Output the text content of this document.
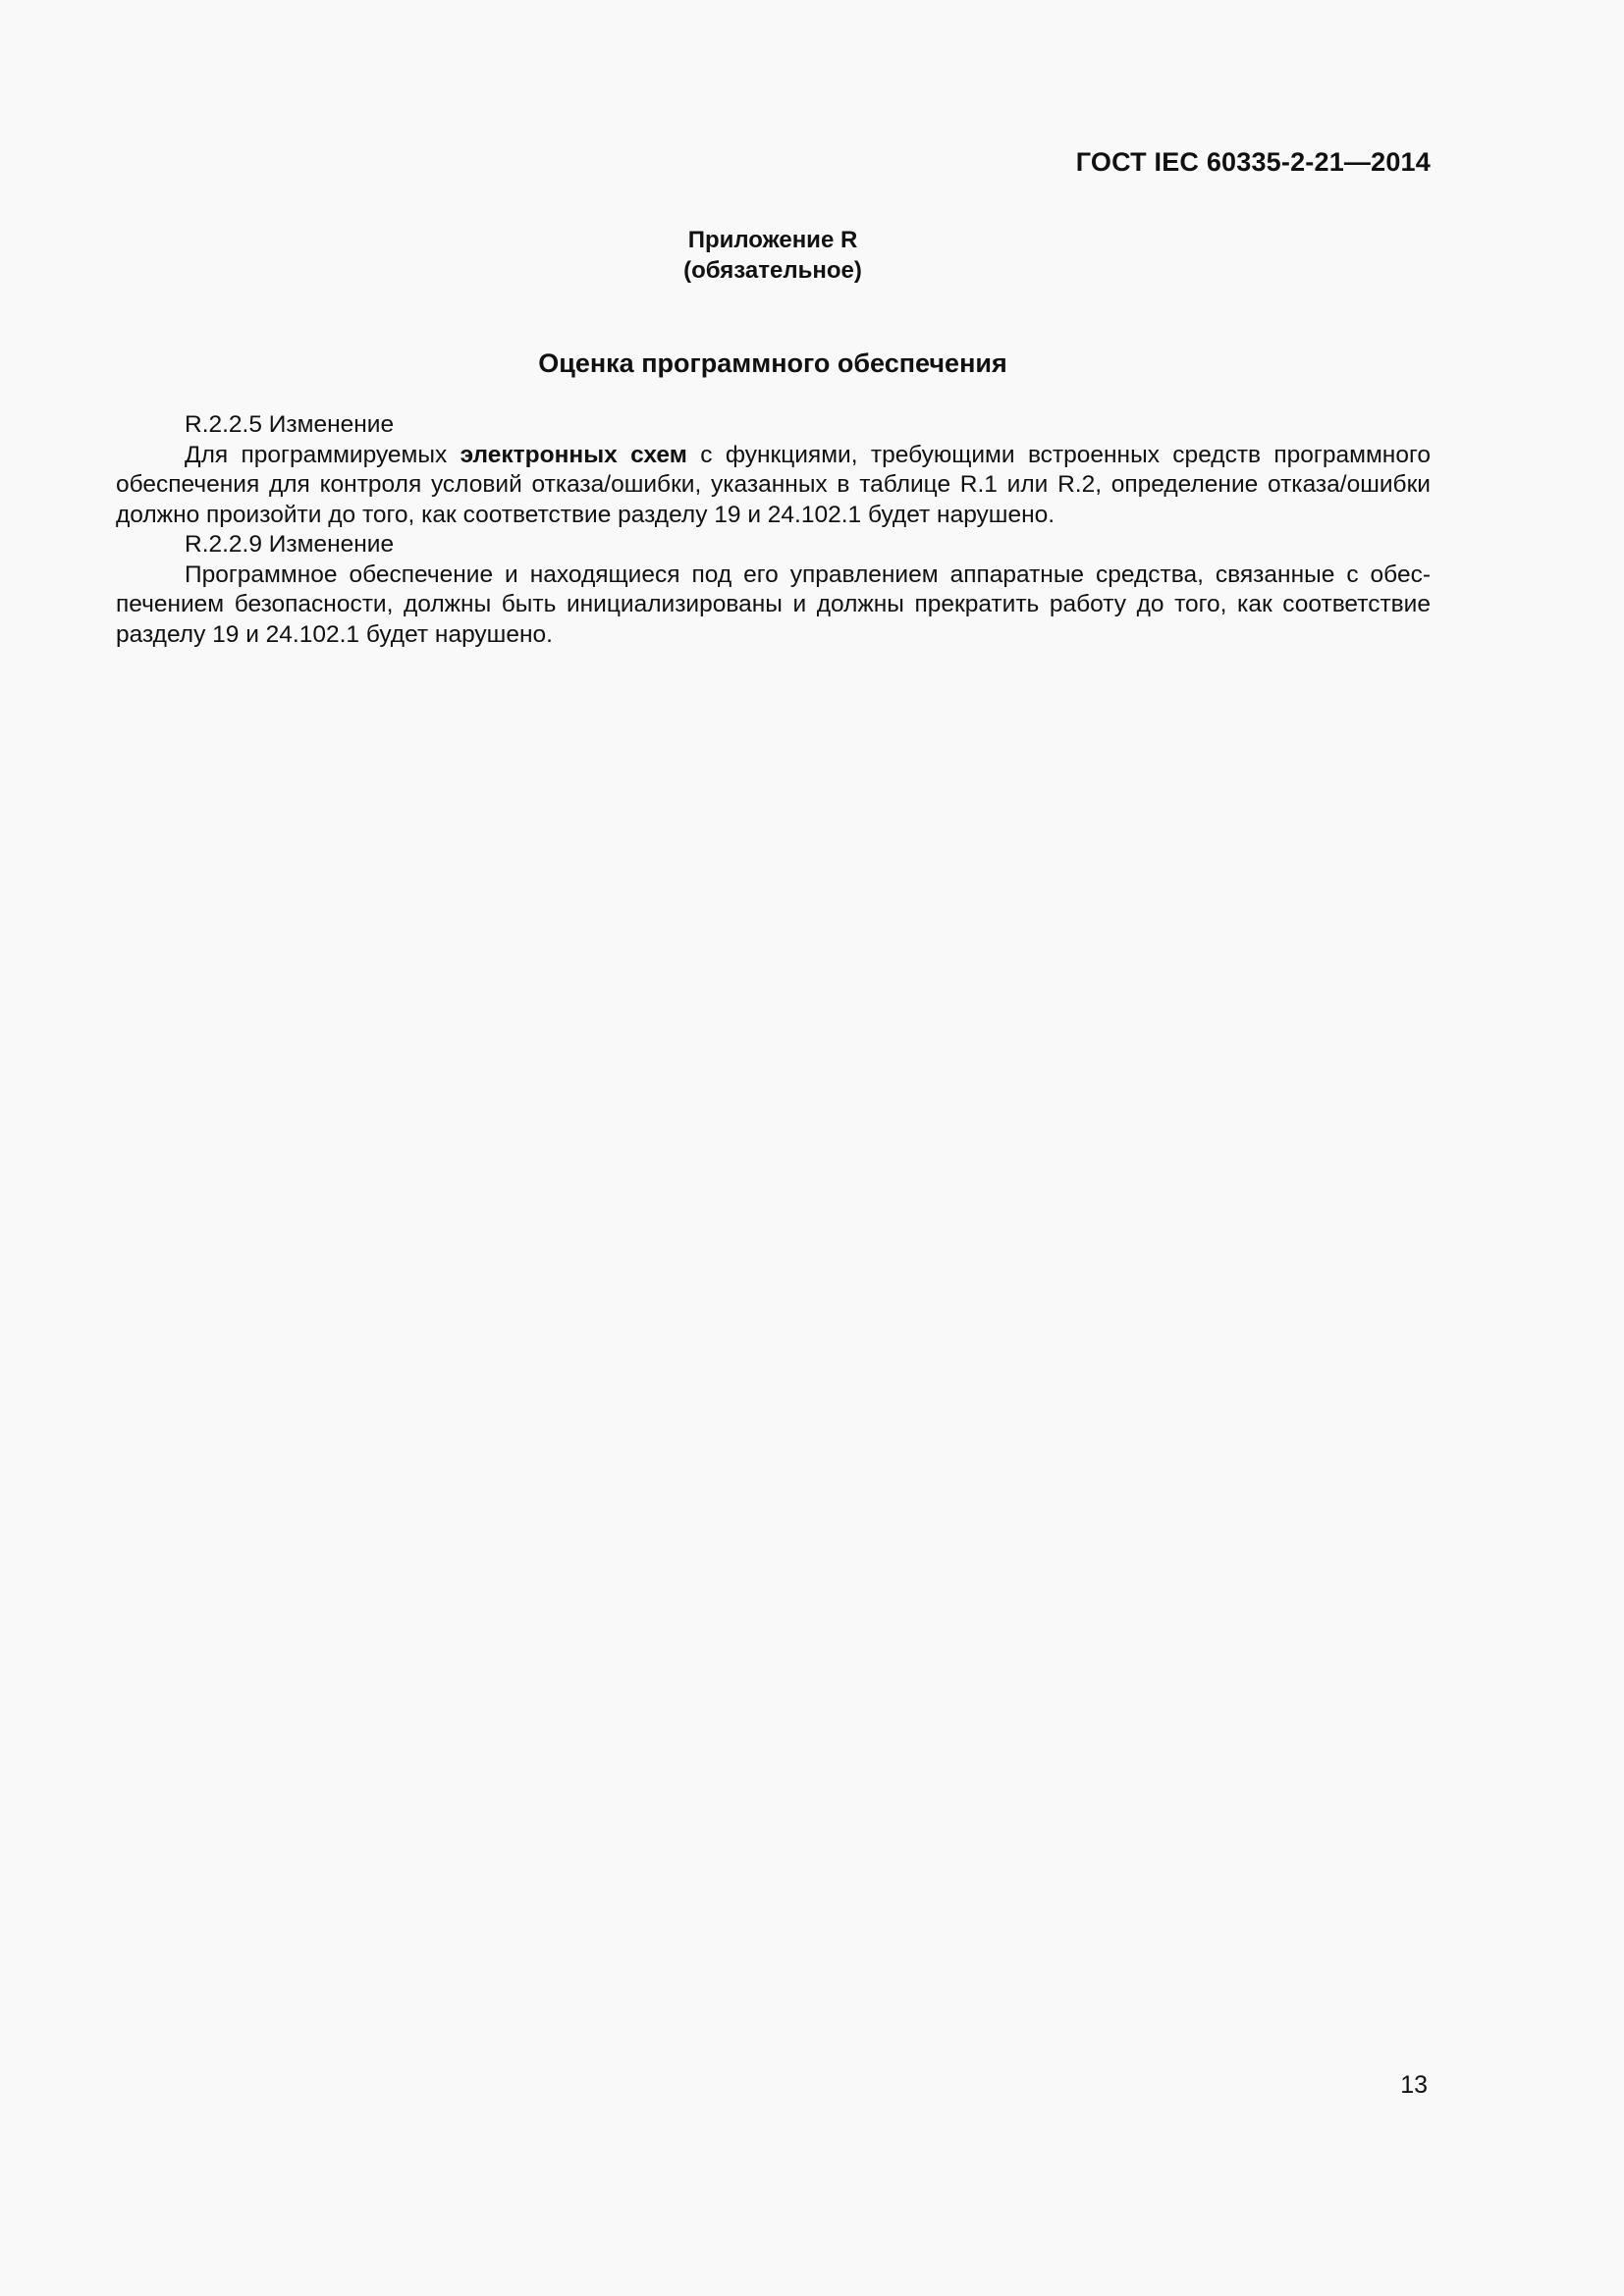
ГОСТ IEC 60335-2-21—2014

Приложение R
(обязательное)

Оценка программного обеспечения

R.2.2.5 Изменение

Для программируемых электронных схем с функциями, требующими встроенных средств программного обеспечения для контроля условий отказа/ошибки, указанных в таблице R.1 или R.2, определение отказа/ошибки должно произойти до того, как соответствие разделу 19 и 24.102.1 будет нарушено.

R.2.2.9 Изменение

Программное обеспечение и находящиеся под его управлением аппаратные средства, связанные с обеспечением безопасности, должны быть инициализированы и должны прекратить работу до того, как соответствие разделу 19 и 24.102.1 будет нарушено.

13
